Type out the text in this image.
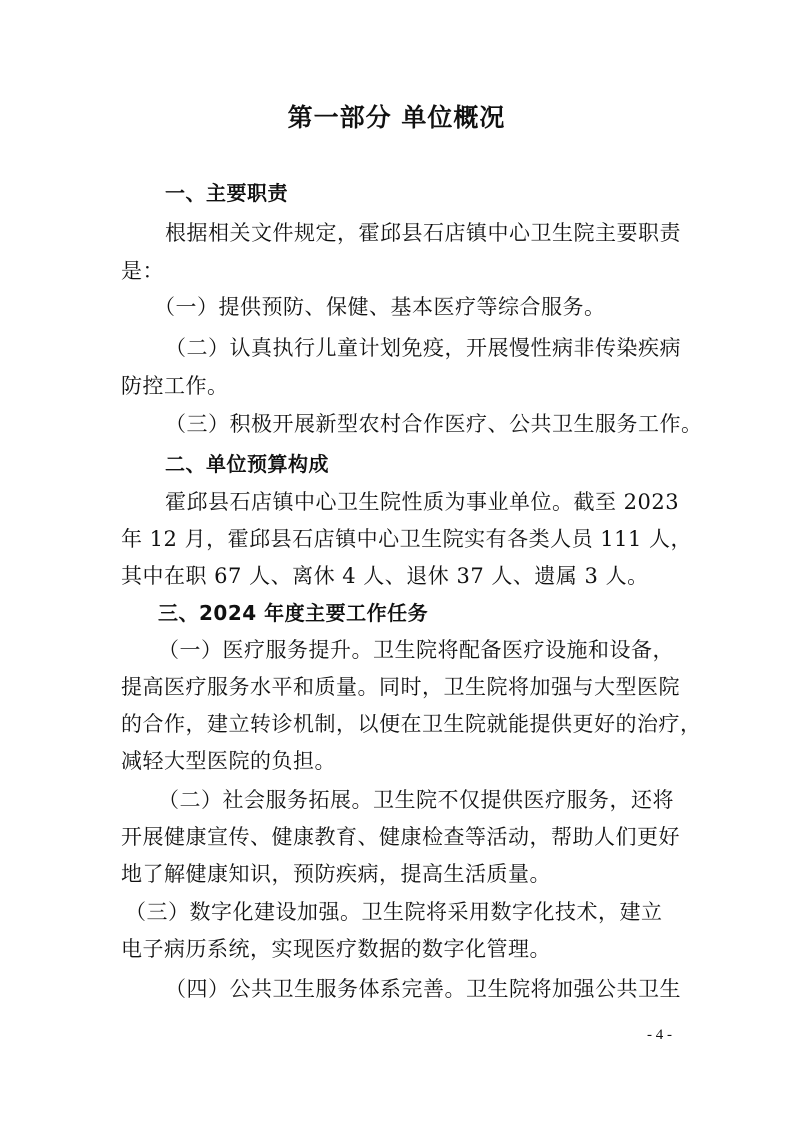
第一部分 单位概况
一、主要职责
根据相关文件规定，霍邱县石店镇中心卫生院主要职责
是：
（一）提供预防、保健、基本医疗等综合服务。
（二）认真执行儿童计划免疫，开展慢性病非传染疾病
防控工作。
（三）积极开展新型农村合作医疗、公共卫生服务工作。
二、单位预算构成
霍邱县石店镇中心卫生院性质为事业单位。截至 2023
年 12 月，霍邱县石店镇中心卫生院实有各类人员 111 人，
其中在职 67 人、离休 4 人、退休 37 人、遗属 3 人。
三、2024 年度主要工作任务
（一）医疗服务提升。卫生院将配备医疗设施和设备，
提高医疗服务水平和质量。同时，卫生院将加强与大型医院
的合作，建立转诊机制，以便在卫生院就能提供更好的治疗，
减轻大型医院的负担。
（二）社会服务拓展。卫生院不仅提供医疗服务，还将
开展健康宣传、健康教育、健康检查等活动，帮助人们更好
地了解健康知识，预防疾病，提高生活质量。
（三）数字化建设加强。卫生院将采用数字化技术，建立
电子病历系统，实现医疗数据的数字化管理。
（四）公共卫生服务体系完善。卫生院将加强公共卫生
- 4 -
